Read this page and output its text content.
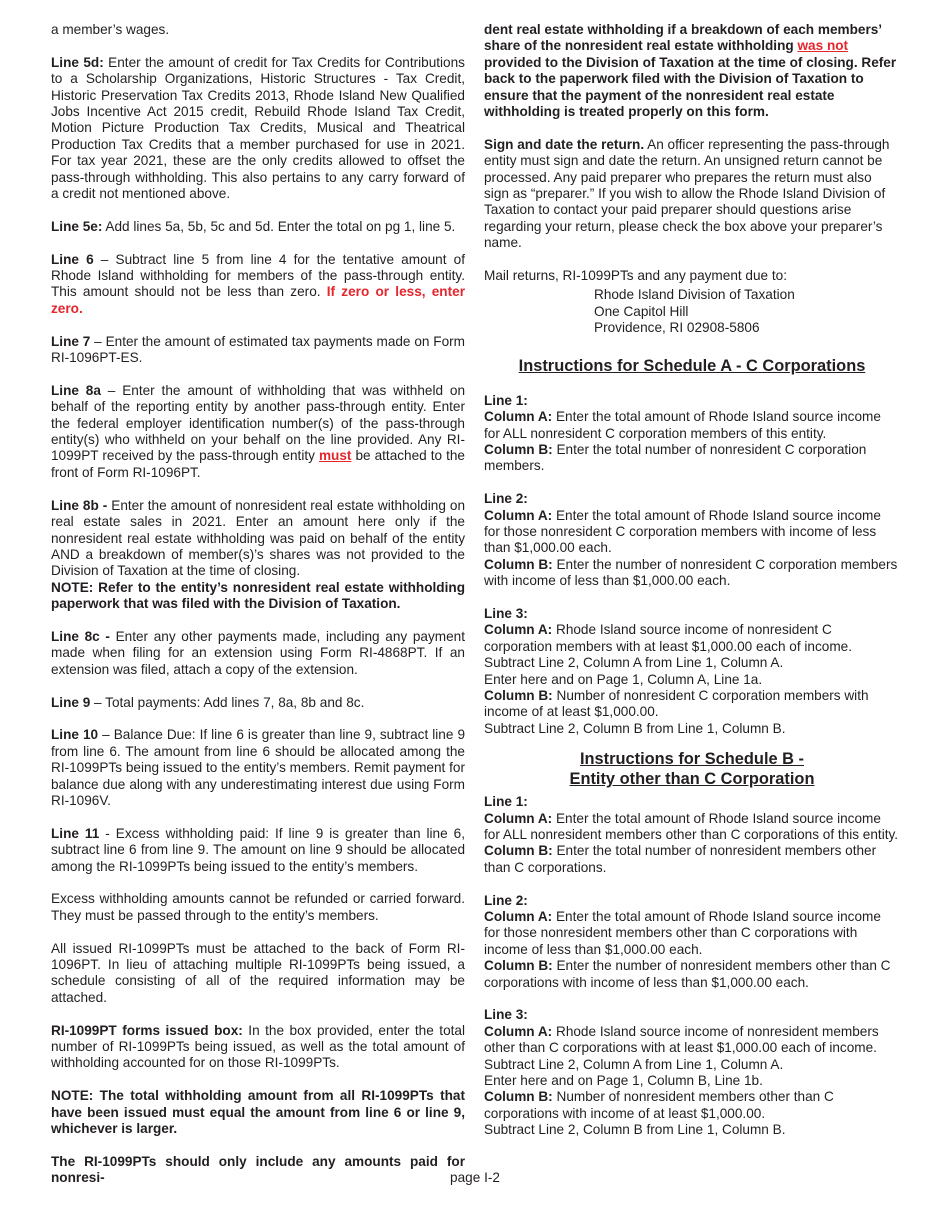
a member’s wages.

Line 5d: Enter the amount of credit for Tax Credits for Contributions to a Scholarship Organizations, Historic Structures - Tax Credit, Historic Preservation Tax Credits 2013, Rhode Island New Qualified Jobs Incentive Act 2015 credit, Rebuild Rhode Island Tax Credit, Motion Picture Production Tax Credits, Musical and Theatrical Production Tax Credits that a member purchased for use in 2021. For tax year 2021, these are the only credits allowed to offset the pass-through withholding. This also pertains to any carry forward of a credit not mentioned above.

Line 5e: Add lines 5a, 5b, 5c and 5d. Enter the total on pg 1, line 5.

Line 6 – Subtract line 5 from line 4 for the tentative amount of Rhode Island withholding for members of the pass-through entity. This amount should not be less than zero. If zero or less, enter zero.

Line 7 – Enter the amount of estimated tax payments made on Form RI-1096PT-ES.

Line 8a – Enter the amount of withholding that was withheld on behalf of the reporting entity by another pass-through entity. Enter the federal employer identification number(s) of the pass-through entity(s) who withheld on your behalf on the line provided. Any RI-1099PT received by the pass-through entity must be attached to the front of Form RI-1096PT.

Line 8b - Enter the amount of nonresident real estate withholding on real estate sales in 2021. Enter an amount here only if the nonresident real estate withholding was paid on behalf of the entity AND a breakdown of member(s)’s shares was not provided to the Division of Taxation at the time of closing.

NOTE: Refer to the entity’s nonresident real estate withholding paperwork that was filed with the Division of Taxation.

Line 8c - Enter any other payments made, including any payment made when filing for an extension using Form RI-4868PT. If an extension was filed, attach a copy of the extension.

Line 9 – Total payments: Add lines 7, 8a, 8b and 8c.

Line 10 – Balance Due: If line 6 is greater than line 9, subtract line 9 from line 6. The amount from line 6 should be allocated among the RI-1099PTs being issued to the entity’s members. Remit payment for balance due along with any underestimating interest due using Form RI-1096V.

Line 11 - Excess withholding paid: If line 9 is greater than line 6, subtract line 6 from line 9. The amount on line 9 should be allocated among the RI-1099PTs being issued to the entity’s members.

Excess withholding amounts cannot be refunded or carried forward. They must be passed through to the entity’s members.

All issued RI-1099PTs must be attached to the back of Form RI-1096PT. In lieu of attaching multiple RI-1099PTs being issued, a schedule consisting of all of the required information may be attached.

RI-1099PT forms issued box: In the box provided, enter the total number of RI-1099PTs being issued, as well as the total amount of withholding accounted for on those RI-1099PTs.

NOTE: The total withholding amount from all RI-1099PTs that have been issued must equal the amount from line 6 or line 9, whichever is larger.

The RI-1099PTs should only include any amounts paid for nonresi-

dent real estate withholding if a breakdown of each members’ share of the nonresident real estate withholding was not provided to the Division of Taxation at the time of closing. Refer back to the paperwork filed with the Division of Taxation to ensure that the payment of the nonresident real estate withholding is treated properly on this form.

Sign and date the return. An officer representing the pass-through entity must sign and date the return. An unsigned return cannot be processed. Any paid preparer who prepares the return must also sign as “preparer.” If you wish to allow the Rhode Island Division of Taxation to contact your paid preparer should questions arise regarding your return, please check the box above your preparer’s name.

Mail returns, RI-1099PTs and any payment due to:

Rhode Island Division of Taxation

One Capitol Hill

Providence, RI 02908-5806

Instructions for Schedule A - C Corporations

Line 1:

Column A: Enter the total amount of Rhode Island source income for ALL nonresident C corporation members of this entity.

Column B: Enter the total number of nonresident C corporation members.

Line 2:

Column A: Enter the total amount of Rhode Island source income for those nonresident C corporation members with income of less than $1,000.00 each.

Column B: Enter the number of nonresident C corporation members with income of less than $1,000.00 each.

Line 3:

Column A: Rhode Island source income of nonresident C corporation members with at least $1,000.00 each of income.

Subtract Line 2, Column A from Line 1, Column A.

Enter here and on Page 1, Column A, Line 1a.

Column B: Number of nonresident C corporation members with income of at least $1,000.00.

Subtract Line 2, Column B from Line 1, Column B.

Instructions for Schedule B -
Entity other than C Corporation

Line 1:

Column A: Enter the total amount of Rhode Island source income for ALL nonresident members other than C corporations of this entity.

Column B: Enter the total number of nonresident members other than C corporations.

Line 2:

Column A: Enter the total amount of Rhode Island source income for those nonresident members other than C corporations with income of less than $1,000.00 each.

Column B: Enter the number of nonresident members other than C corporations with income of less than $1,000.00 each.

Line 3:

Column A: Rhode Island source income of nonresident members other than C corporations with at least $1,000.00 each of income.

Subtract Line 2, Column A from Line 1, Column A.

Enter here and on Page 1, Column B, Line 1b.

Column B: Number of nonresident members other than C corporations with income of at least $1,000.00.

Subtract Line 2, Column B from Line 1, Column B.

page I-2
